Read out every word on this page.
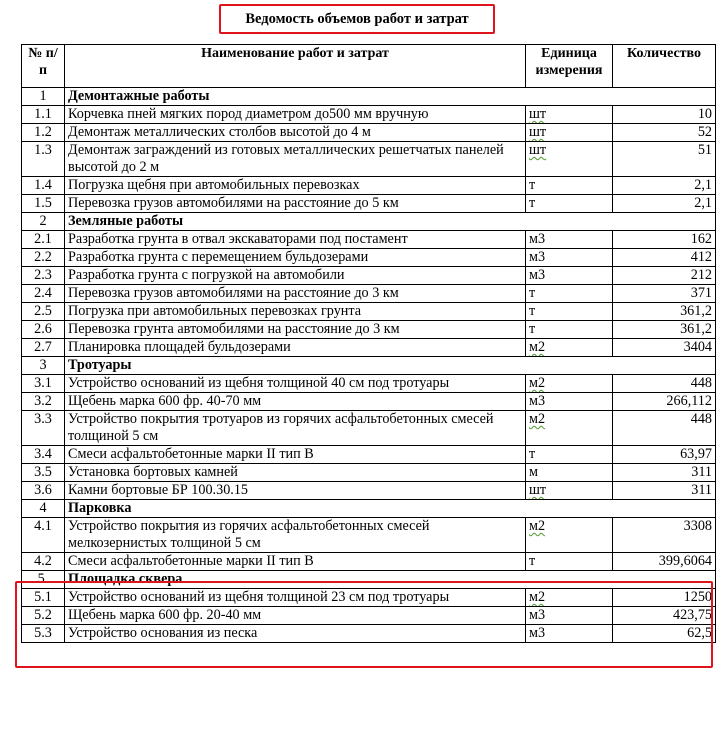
Ведомость объемов работ и затрат
№ п/п	Наименование работ и затрат	Единица измерения	Количество
1	Демонтажные работы		
1.1	Корчевка пней мягких пород диаметром до500 мм вручную	шт	10
1.2	Демонтаж металлических столбов высотой до 4 м	шт	52
1.3	Демонтаж заграждений из готовых металлических решетчатых панелей высотой до 2 м	шт	51
1.4	Погрузка щебня при автомобильных перевозках	т	2,1
1.5	Перевозка грузов автомобилями на расстояние до 5 км	т	2,1
2	Земляные работы		
2.1	Разработка грунта в отвал экскаваторами под постамент	м3	162
2.2	Разработка грунта с перемещением бульдозерами	м3	412
2.3	Разработка грунта с погрузкой на автомобили	м3	212
2.4	Перевозка грузов автомобилями на расстояние до 3 км	т	371
2.5	Погрузка при автомобильных перевозках грунта	т	361,2
2.6	Перевозка грунта автомобилями на расстояние до 3 км	т	361,2
2.7	Планировка площадей бульдозерами	м2	3404
3	Тротуары		
3.1	Устройство оснований из щебня толщиной 40 см под тротуары	м2	448
3.2	Щебень марка 600 фр. 40-70 мм	м3	266,112
3.3	Устройство покрытия тротуаров из горячих асфальтобетонных смесей толщиной 5 см	м2	448
3.4	Смеси асфальтобетонные марки II тип В	т	63,97
3.5	Установка бортовых камней	м	311
3.6	Камни бортовые БР 100.30.15	шт	311
4	Парковка		
4.1	Устройство покрытия из горячих асфальтобетонных смесей мелкозернистых толщиной 5 см	м2	3308
4.2	Смеси асфальтобетонные марки II тип В	т	399,6064
5.	Площадка сквера		
5.1	Устройство оснований из щебня толщиной 23 см под тротуары	м2	1250
5.2	Щебень марка 600 фр. 20-40 мм	м3	423,75
5.3	Устройство основания из песка	м3	62,5
